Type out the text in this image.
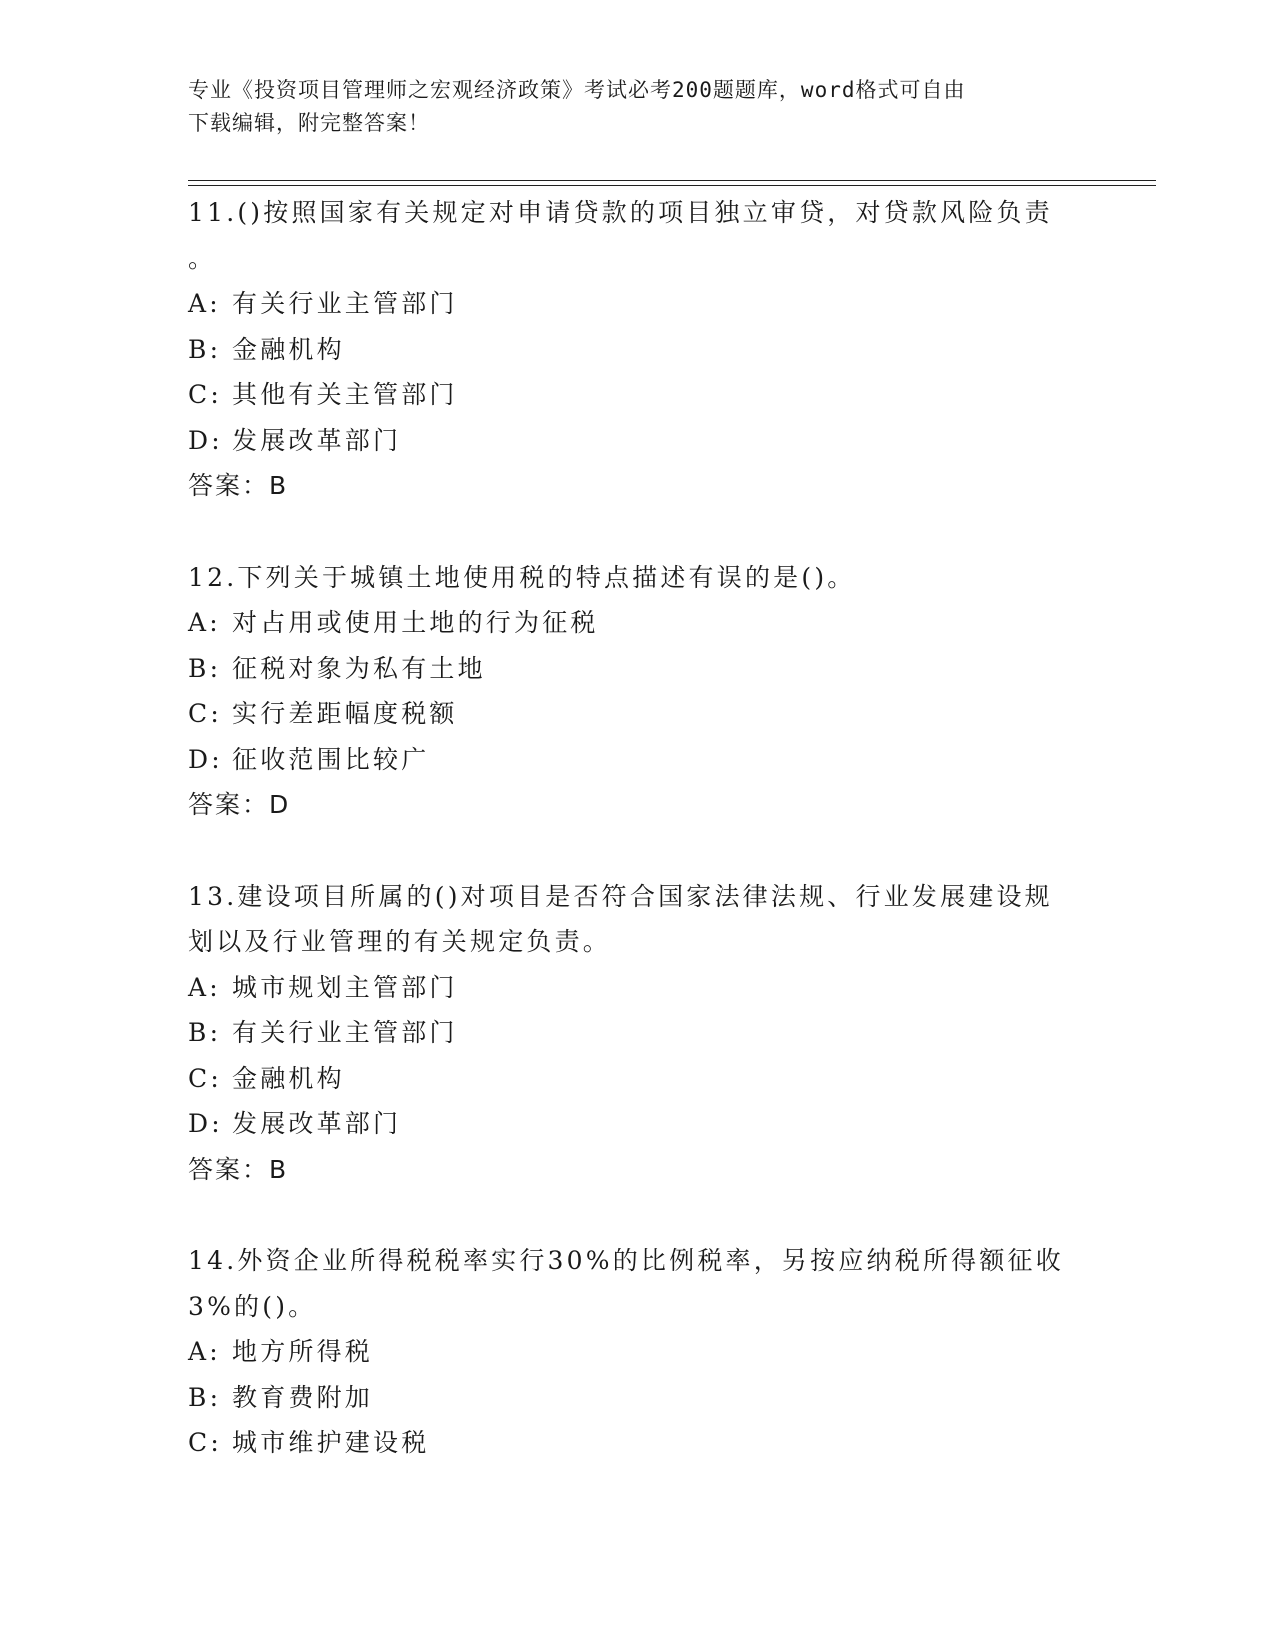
专业《投资项目管理师之宏观经济政策》考试必考200题题库，word格式可自由
下载编辑，附完整答案！
11.()按照国家有关规定对申请贷款的项目独立审贷，对贷款风险负责
。
A: 有关行业主管部门
B: 金融机构
C: 其他有关主管部门
D: 发展改革部门
答案：B
12.下列关于城镇土地使用税的特点描述有误的是()。
A: 对占用或使用土地的行为征税
B: 征税对象为私有土地
C: 实行差距幅度税额
D: 征收范围比较广
答案：D
13.建设项目所属的()对项目是否符合国家法律法规、行业发展建设规
划以及行业管理的有关规定负责。
A: 城市规划主管部门
B: 有关行业主管部门
C: 金融机构
D: 发展改革部门
答案：B
14.外资企业所得税税率实行30%的比例税率，另按应纳税所得额征收
3%的()。
A: 地方所得税
B: 教育费附加
C: 城市维护建设税
